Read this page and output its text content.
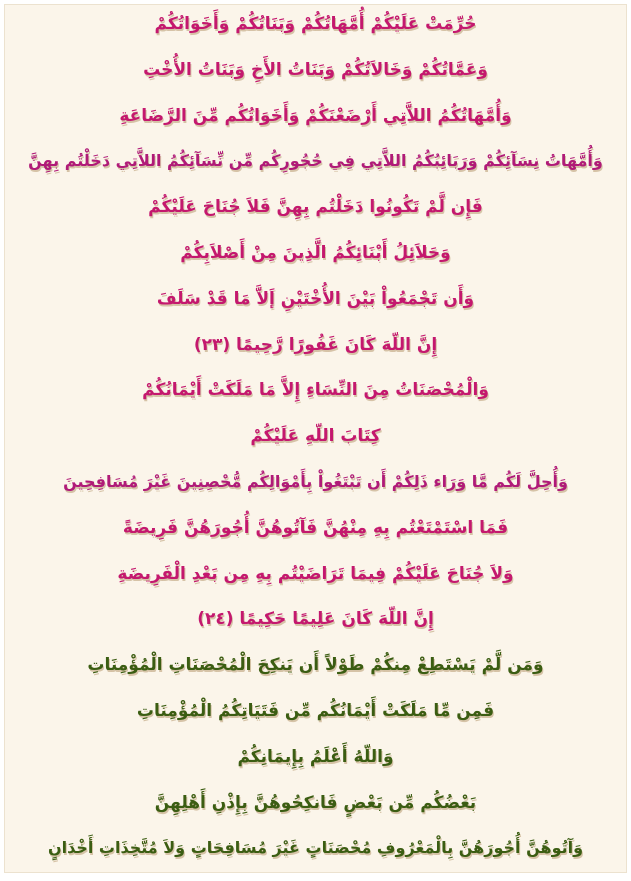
حُرِّمَتْ عَلَيْكُمْ أُمَّهَاتُكُمْ وَبَنَاتُكُمْ وَأَخَوَاتُكُمْ
وَعَمَّاتُكُمْ وَخَالاَتُكُمْ وَبَنَاتُ الأَخِ وَبَنَاتُ الأُخْتِ
وَأُمَّهَاتُكُمُ اللاَّتِي أَرْضَعْنَكُمْ وَأَخَوَاتُكُم مِّنَ الرَّضَاعَةِ
وَأُمَّهَاتُ نِسَآئِكُمْ وَرَبَائِبُكُمُ اللاَّتِي فِي حُجُورِكُم مِّن نِّسَآئِكُمُ اللاَّتِي دَخَلْتُم بِهِنَّ
فَإِن لَّمْ تَكُونُوا دَخَلْتُم بِهِنَّ فَلاَ جُنَاحَ عَلَيْكُمْ
وَحَلاَئِلُ أَبْنَائِكُمُ الَّذِينَ مِنْ أَصْلاَبِكُمْ
وَأَن تَجْمَعُواْ بَيْنَ الأُخْتَيْنِ إَلاَّ مَا قَدْ سَلَفَ
إِنَّ اللّهَ كَانَ غَفُورًا رَّحِيمًا (٢٣)
وَالْمُحْصَنَاتُ مِنَ النِّسَاءِ إِلاَّ مَا مَلَكَتْ أَيْمَانُكُمْ
كِتَابَ اللّهِ عَلَيْكُمْ
وَأُحِلَّ لَكُم مَّا وَرَاء ذَلِكُمْ أَن تَبْتَغُواْ بِأَمْوَالِكُم مُّحْصِنِينَ غَيْرَ مُسَافِحِينَ
فَمَا اسْتَمْتَعْتُم بِهِ مِنْهُنَّ فَآتُوهُنَّ أُجُورَهُنَّ فَرِيضَةً
وَلاَ جُنَاحَ عَلَيْكُمْ فِيمَا تَرَاضَيْتُم بِهِ مِن بَعْدِ الْفَرِيضَةِ
إِنَّ اللّهَ كَانَ عَلِيمًا حَكِيمًا (٢٤)
وَمَن لَّمْ يَسْتَطِعْ مِنكُمْ طَوْلاً أَن يَنكِحَ الْمُحْصَنَاتِ الْمُؤْمِنَاتِ
فَمِن مِّا مَلَكَتْ أَيْمَانُكُم مِّن فَتَيَاتِكُمُ الْمُؤْمِنَاتِ
وَاللّهُ أَعْلَمُ بِإِيمَانِكُمْ
بَعْضُكُم مِّن بَعْضٍ فَانكِحُوهُنَّ بِإِذْنِ أَهْلِهِنَّ
وَآتُوهُنَّ أُجُورَهُنَّ بِالْمَعْرُوفِ مُحْصَنَاتٍ غَيْرَ مُسَافِحَاتٍ وَلاَ مُتَّخِذَاتِ أَخْدَانٍ
